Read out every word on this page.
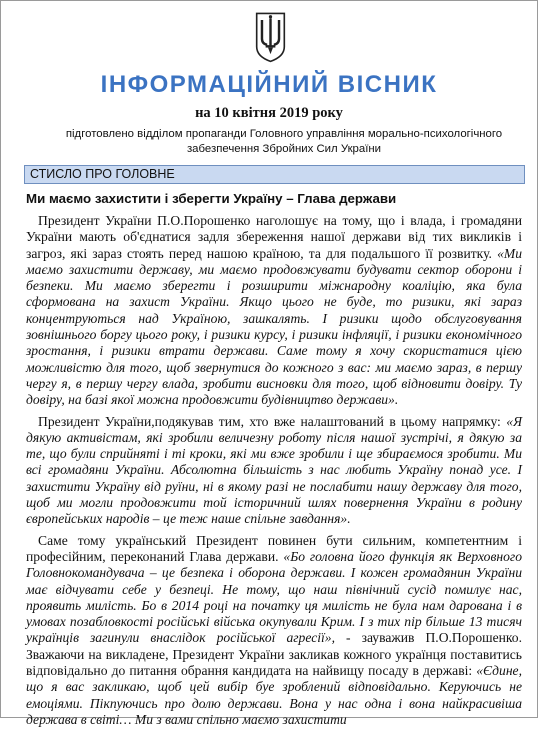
ІНФОРМАЦІЙНИЙ ВІСНИК
на 10 квітня 2019 року
підготовлено відділом пропаганди Головного управління морально-психологічного
забезпечення Збройних Сил України
СТИСЛО ПРО ГОЛОВНЕ
Ми маємо захистити і зберегти Україну – Глава держави

Президент України П.О.Порошенко наголошує на тому, що і влада, і громадяни України мають об'єднатися задля збереження нашої держави від тих викликів і загроз, які зараз стоять перед нашою країною, та для подальшого її розвитку. «Ми маємо захистити державу, ми маємо продовжувати будувати сектор оборони і безпеки. Ми маємо зберегти і розширити міжнародну коаліцію, яка була сформована на захист України. Якщо цього не буде, то ризики, які зараз концентруються над Україною, зашкалять. І ризики щодо обслуговування зовнішнього боргу цього року, і ризики курсу, і ризики інфляції, і ризики економічного зростання, і ризики втрати держави. Саме тому я хочу скористатися цією можливістю для того, щоб звернутися до кожного з вас: ми маємо зараз, в першу чергу я, в першу чергу влада, зробити висновки для того, щоб відновити довіру. Ту довіру, на базі якої можна продовжити будівництво держави».

Президент України,подякував тим, хто вже налаштований в цьому напрямку: «Я дякую активістам, які зробили величезну роботу після нашої зустрічі, я дякую за те, що були сприйняті і ті кроки, які ми вже зробили і ще збираємося зробити. Ми всі громадяни України. Абсолютна більшість з нас любить Україну понад усе. І захистити Україну від руїни, ні в якому разі не послабити нашу державу для того, щоб ми могли продовжити той історичний шлях повернення України в родину європейських народів – це теж наше спільне завдання».

Саме тому український Президент повинен бути сильним, компетентним і професійним, переконаний Глава держави. «Бо головна його функція як Верховного Головнокомандувача – це безпека і оборона держави. І кожен громадянин України має відчувати себе у безпеці. Не тому, що наш північний сусід помилує нас, проявить милість. Бо в 2014 році на початку ця милість не була нам дарована і в умовах позабловкості російські війська окупували Крим. І з тих пір більше 13 тисяч українців загинули внаслідок російської агресії», - зауважив П.О.Порошенко. Зважаючи на викладене, Президент України закликав кожного українця поставитись відповідально до питання обрання кандидата на найвищу посаду в державі: «Єдине, що я вас закликаю, щоб цей вибір буе зроблений відповідально. Керуючись не емоціями. Пікпуючись про долю держави. Вона у нас одна і вона найкрасивіша держава в світі… Ми з вами спільно маємо захистити
